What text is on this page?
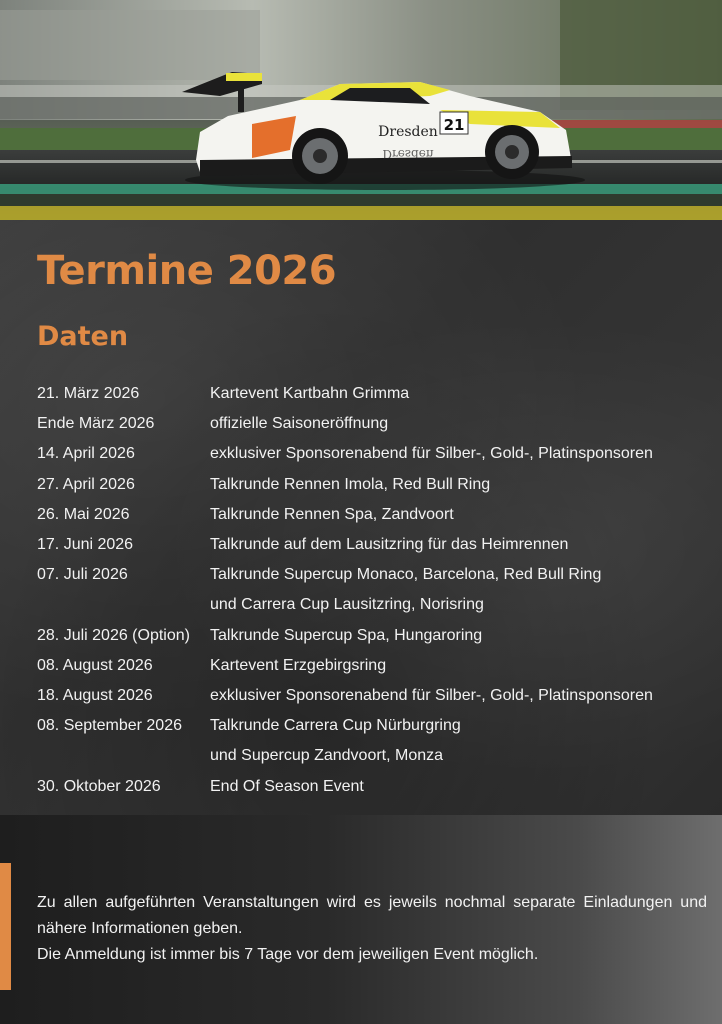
21
Dresden
Dresden
Termine 2026
Daten
21. März 2026	Kartevent Kartbahn Grimma
Ende März 2026	offizielle Saisoneröffnung
14. April 2026	exklusiver Sponsorenabend für Silber-, Gold-, Platinsponsoren
27. April 2026	Talkrunde Rennen Imola, Red Bull Ring
26. Mai 2026	Talkrunde Rennen Spa, Zandvoort
17. Juni 2026	Talkrunde auf dem Lausitzring für das Heimrennen
07. Juli 2026	Talkrunde Supercup Monaco, Barcelona, Red Bull Ring
und Carrera Cup Lausitzring, Norisring
28. Juli 2026 (Option)	Talkrunde Supercup Spa, Hungaroring
08. August 2026	Kartevent Erzgebirgsring
18. August 2026	exklusiver Sponsorenabend für Silber-, Gold-, Platinsponsoren
08. September 2026	Talkrunde Carrera Cup Nürburgring
und Supercup Zandvoort, Monza
30. Oktober 2026	End Of Season Event

Zu allen aufgeführten Veranstaltungen wird es jeweils nochmal separate Einladungen und nähere Informationen geben.

Die Anmeldung ist immer bis 7 Tage vor dem jeweiligen Event möglich.
